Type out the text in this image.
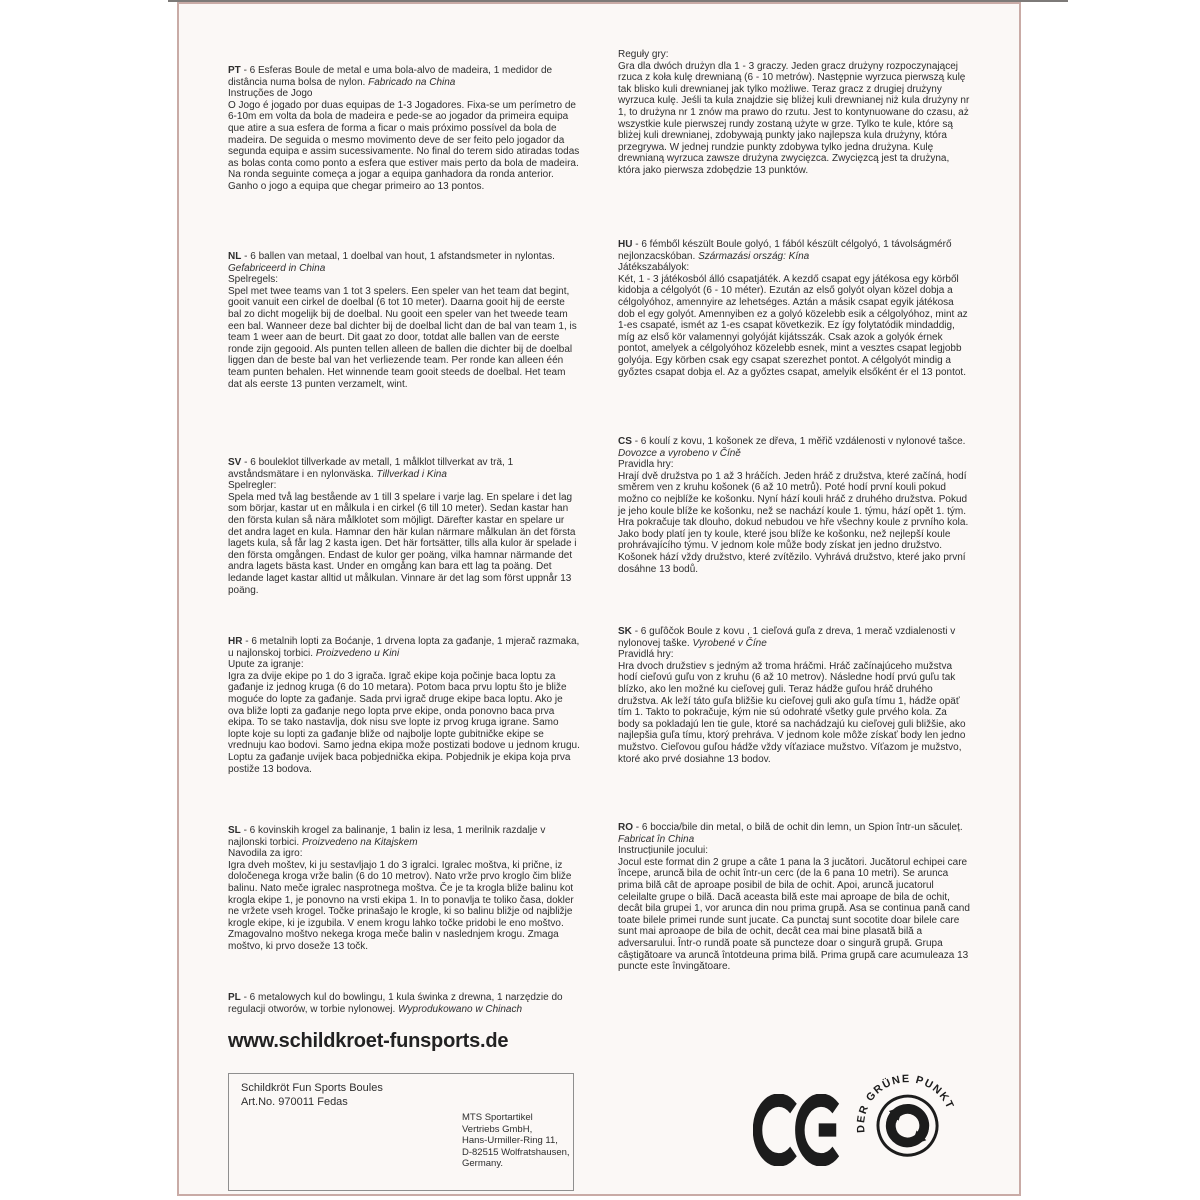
PT - 6 Esferas Boule de metal e uma bola-alvo de madeira, 1 medidor de distância numa bolsa de nylon. Fabricado na China

Instruções de Jogo

O Jogo é jogado por duas equipas de 1-3 Jogadores. Fixa-se um perímetro de 6-10m em volta da bola de madeira e pede-se ao jogador da primeira equipa que atire a sua esfera de forma a ficar o mais próximo possível da bola de madeira. De seguida o mesmo movimento deve de ser feito pelo jogador da segunda equipa e assim sucessivamente. No final do terem sido atiradas todas as bolas conta como ponto a esfera que estiver mais perto da bola de madeira. Na ronda seguinte começa a jogar a equipa ganhadora da ronda anterior. Ganho o jogo a equipa que chegar primeiro ao 13 pontos.

NL - 6 ballen van metaal, 1 doelbal van hout, 1 afstandsmeter in nylontas. Gefabriceerd in China

Spelregels:

Spel met twee teams van 1 tot 3 spelers. Een speler van het team dat begint, gooit vanuit een cirkel de doelbal (6 tot 10 meter). Daarna gooit hij de eerste bal zo dicht mogelijk bij de doelbal. Nu gooit een speler van het tweede team een bal. Wanneer deze bal dichter bij de doelbal licht dan de bal van team 1, is team 1 weer aan de beurt. Dit gaat zo door, totdat alle ballen van de eerste ronde zijn gegooid. Als punten tellen alleen de ballen die dichter bij de doelbal liggen dan de beste bal van het verliezende team. Per ronde kan alleen één team punten behalen. Het winnende team gooit steeds de doelbal. Het team dat als eerste 13 punten verzamelt, wint.

SV - 6 bouleklot tillverkade av metall, 1 målklot tillverkat av trä, 1 avståndsmätare i en nylonväska. Tillverkad i Kina

Spelregler:

Spela med två lag bestående av 1 till 3 spelare i varje lag. En spelare i det lag som börjar, kastar ut en målkula i en cirkel (6 till 10 meter). Sedan kastar han den första kulan så nära målklotet som möjligt. Därefter kastar en spelare ur det andra laget en kula. Hamnar den här kulan närmare målkulan än det första lagets kula, så får lag 2 kasta igen. Det här fortsätter, tills alla kulor är spelade i den första omgången. Endast de kulor ger poäng, vilka hamnar närmande det andra lagets bästa kast. Under en omgång kan bara ett lag ta poäng. Det ledande laget kastar alltid ut målkulan. Vinnare är det lag som först uppnår 13 poäng.

HR - 6 metalnih lopti za Boćanje, 1 drvena lopta za gađanje, 1 mjerač razmaka, u najlonskoj torbici. Proizvedeno u Kini

Upute za igranje:

Igra za dvije ekipe po 1 do 3 igrača. Igrač ekipe koja počinje baca loptu za gađanje iz jednog kruga (6 do 10 metara). Potom baca prvu loptu što je bliže moguće do lopte za gađanje. Sada prvi igrač druge ekipe baca loptu. Ako je ova bliže lopti za gađanje nego lopta prve ekipe, onda ponovno baca prva ekipa. To se tako nastavlja, dok nisu sve lopte iz prvog kruga igrane. Samo lopte koje su lopti za gađanje bliže od najbolje lopte gubitničke ekipe se vrednuju kao bodovi. Samo jedna ekipa može postizati bodove u jednom krugu. Loptu za gađanje uvijek baca pobjednička ekipa. Pobjednik je ekipa koja prva postiže 13 bodova.

SL - 6 kovinskih krogel za balinanje, 1 balin iz lesa, 1 merilnik razdalje v najlonski torbici. Proizvedeno na Kitajskem

Navodila za igro:

Igra dveh moštev, ki ju sestavljajo 1 do 3 igralci. Igralec moštva, ki prične, iz določenega kroga vrže balin (6 do 10 metrov). Nato vrže prvo kroglo čim bliže balinu. Nato meče igralec nasprotnega moštva. Če je ta krogla bliže balinu kot krogla ekipe 1, je ponovno na vrsti ekipa 1. In to ponavlja te toliko časa, dokler ne vržete vseh krogel. Točke prinašajo le krogle, ki so balinu bližje od najbližje krogle ekipe, ki je izgubila. V enem krogu lahko točke pridobi le eno moštvo. Zmagovalno moštvo nekega kroga meče balin v naslednjem krogu. Zmaga moštvo, ki prvo doseže 13 točk.

PL - 6 metalowych kul do bowlingu, 1 kula świnka z drewna, 1 narzędzie do regulacji otworów, w torbie nylonowej. Wyprodukowano w Chinach

Reguły gry:

Gra dla dwóch drużyn dla 1 - 3 graczy. Jeden gracz drużyny rozpoczynającej rzuca z koła kulę drewnianą (6 - 10 metrów). Następnie wyrzuca pierwszą kulę tak blisko kuli drewnianej jak tylko możliwe. Teraz gracz z drugiej drużyny wyrzuca kulę. Jeśli ta kula znajdzie się bliżej kuli drewnianej niż kula drużyny nr 1, to drużyna nr 1 znów ma prawo do rzutu. Jest to kontynuowane do czasu, aż wszystkie kule pierwszej rundy zostaną użyte w grze. Tylko te kule, które są bliżej kuli drewnianej, zdobywają punkty jako najlepsza kula drużyny, która przegrywa. W jednej rundzie punkty zdobywa tylko jedna drużyna. Kulę drewnianą wyrzuca zawsze drużyna zwycięzca. Zwycięzcą jest ta drużyna, która jako pierwsza zdobędzie 13 punktów.

HU - 6 fémből készült Boule golyó, 1 fából készült célgolyó, 1 távolságmérő nejlonzacskóban. Származási ország: Kína

Játékszabályok:

Két, 1 - 3 játékosból álló csapatjáték. A kezdő csapat egy játékosa egy körből kidobja a célgolyót (6 - 10 méter). Ezután az első golyót olyan közel dobja a célgolyóhoz, amennyire az lehetséges. Aztán a másik csapat egyik játékosa dob el egy golyót. Amennyiben ez a golyó közelebb esik a célgolyóhoz, mint az 1-es csapaté, ismét az 1-es csapat következik. Ez így folytatódik mindaddig, míg az első kör valamennyi golyóját kijátsszák. Csak azok a golyók érnek pontot, amelyek a célgolyóhoz közelebb esnek, mint a vesztes csapat legjobb golyója. Egy körben csak egy csapat szerezhet pontot. A célgolyót mindig a győztes csapat dobja el. Az a győztes csapat, amelyik elsőként ér el 13 pontot.

CS - 6 koulí z kovu, 1 košonek ze dřeva, 1 měřič vzdálenosti v nylonové tašce. Dovozce a vyrobeno v Číně

Pravidla hry:

Hrají dvě družstva po 1 až 3 hráčích. Jeden hráč z družstva, které začíná, hodí směrem ven z kruhu košonek (6 až 10 metrů). Poté hodí první kouli pokud možno co nejblíže ke košonku. Nyní hází kouli hráč z druhého družstva. Pokud je jeho koule blíže ke košonku, než se nachází koule 1. týmu, hází opět 1. tým. Hra pokračuje tak dlouho, dokud nebudou ve hře všechny koule z prvního kola. Jako body platí jen ty koule, které jsou blíže ke košonku, než nejlepší koule prohrávajícího týmu. V jednom kole může body získat jen jedno družstvo. Košonek hází vždy družstvo, které zvítězilo. Vyhrává družstvo, které jako první dosáhne 13 bodů.

SK - 6 guľôčok Boule z kovu , 1 cieľová guľa z dreva, 1 merač vzdialenosti v nylonovej taške. Vyrobené v Číne

Pravidlá hry:

Hra dvoch družstiev s jedným až troma hráčmi. Hráč začínajúceho mužstva hodí cieľovú guľu von z kruhu (6 až 10 metrov). Následne hodí prvú guľu tak blízko, ako len možné ku cieľovej guli. Teraz hádže guľou hráč druhého družstva. Ak leží táto guľa bližšie ku cieľovej guli ako guľa tímu 1, hádže opäť tím 1. Takto to pokračuje, kým nie sú odohraté všetky gule prvého kola. Za body sa pokladajú len tie gule, ktoré sa nachádzajú ku cieľovej guli bližšie, ako najlepšia guľa tímu, ktorý prehráva. V jednom kole môže získať body len jedno mužstvo. Cieľovou guľou hádže vždy víťaziace mužstvo. Víťazom je mužstvo, ktoré ako prvé dosiahne 13 bodov.

RO - 6 boccia/bile din metal, o bilă de ochit din lemn, un Spion într-un săculeț. Fabricat în China

Instrucțiunile jocului:

Jocul este format din 2 grupe a câte 1 pana la 3 jucători. Jucătorul echipei care începe, aruncă bila de ochit într-un cerc (de la 6 pana 10 metri). Se arunca prima bilă cât de aproape posibil de bila de ochit. Apoi, aruncă jucatorul celeilalte grupe o bilă. Dacă aceasta bilă este mai aproape de bila de ochit, decât bila grupei 1, vor arunca din nou prima grupă. Asa se continua pană cand toate bilele primei runde sunt jucate. Ca punctaj sunt socotite doar bilele care sunt mai aproaope de bila de ochit, decât cea mai bine plasată bilă a adversarului. Într-o rundă poate să puncteze doar o singură grupă. Grupa câștigătoare va aruncă întotdeuna prima bilă. Prima grupă care acumuleaza 13 puncte este învingătoare.

www.schildkroet-funsports.de
Schildkröt Fun Sports Boules
Art.No. 970011 Fedas
MTS Sportartikel
Vertriebs GmbH,
Hans-Urmiller-Ring 11,
D-82515 Wolfratshausen,
Germany.
DER GRÜNE PUNKT
